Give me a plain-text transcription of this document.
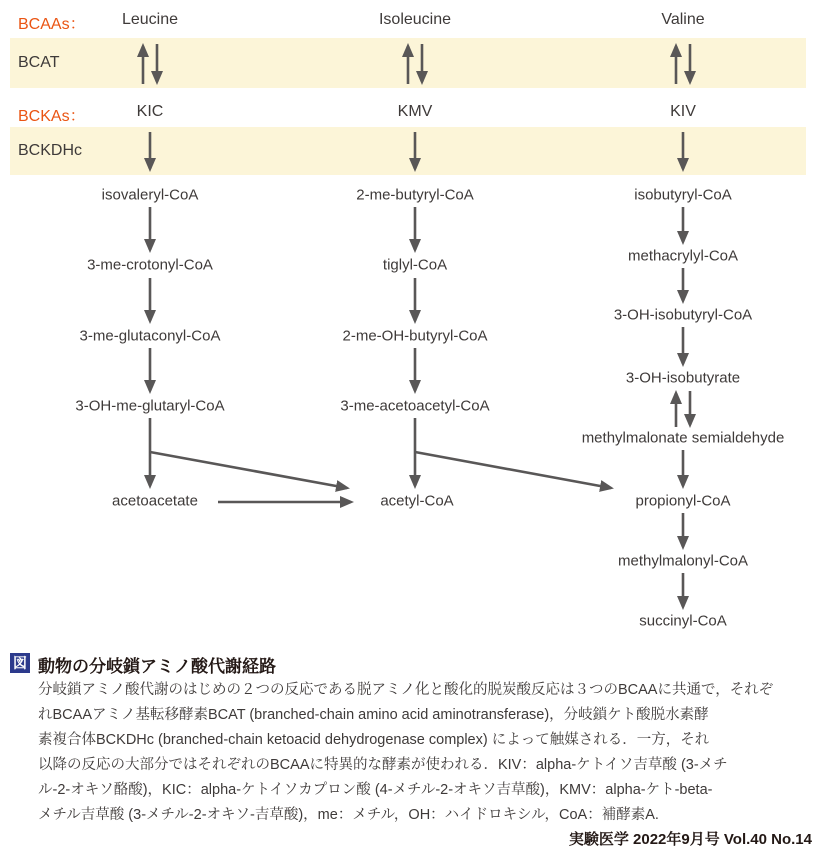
BCAAs：
BCAT
BCKAs：
BCKDHc
Leucine	Isoleucine	Valine
KIC	KMV	KIV
isovaleryl-CoA
3-me-crotonyl-CoA
3-me-glutaconyl-CoA
3-OH-me-glutaryl-CoA
acetoacetate
2-me-butyryl-CoA
tiglyl-CoA
2-me-OH-butyryl-CoA
3-me-acetoacetyl-CoA
acetyl-CoA
isobutyryl-CoA
methacrylyl-CoA
3-OH-isobutyryl-CoA
3-OH-isobutyrate
methylmalonate semialdehyde
propionyl-CoA
methylmalonyl-CoA
succinyl-CoA
図 動物の分岐鎖アミノ酸代謝経路
分岐鎖アミノ酸代謝のはじめの２つの反応である脱アミノ化と酸化的脱炭酸反応は３つのBCAAに共通で，それぞ
れBCAAアミノ基転移酵素BCAT (branched-chain amino acid aminotransferase)，分岐鎖ケト酸脱水素酵
素複合体BCKDHc (branched-chain ketoacid dehydrogenase complex) によって触媒される．一方，それ
以降の反応の大部分ではそれぞれのBCAAに特異的な酵素が使われる．KIV：alpha-ケトイソ吉草酸 (3-メチ
ル-2-オキソ酪酸)，KIC：alpha-ケトイソカプロン酸 (4-メチル-2-オキソ吉草酸)，KMV：alpha-ケト-beta-
メチル吉草酸 (3-メチル-2-オキソ-吉草酸)，me：メチル，OH：ハイドロキシル，CoA：補酵素A.
実験医学 2022年9月号 Vol.40 No.14
